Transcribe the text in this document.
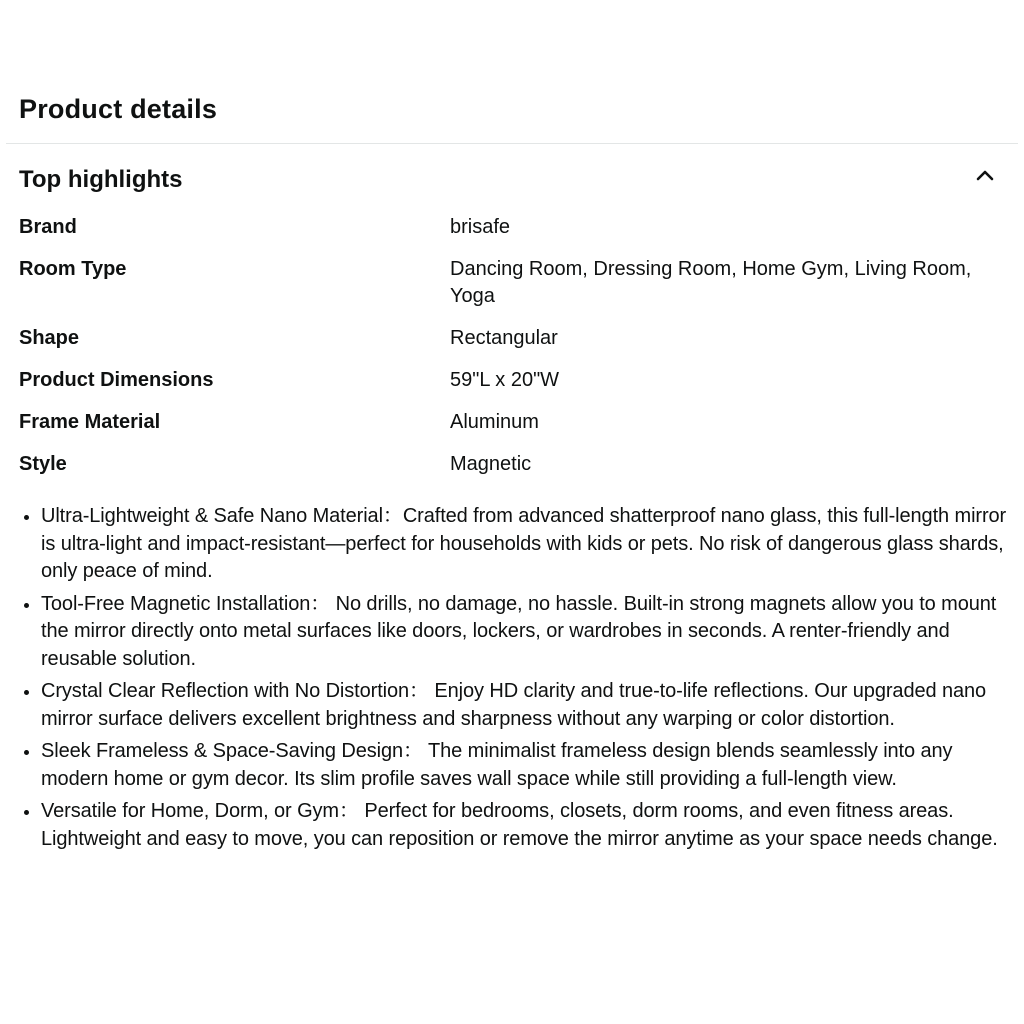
Product details
Top highlights
Brand	brisafe
Room Type	Dancing Room, Dressing Room, Home Gym, Living Room, Yoga
Shape	Rectangular
Product Dimensions	59"L x 20"W
Frame Material	Aluminum
Style	Magnetic
Ultra-Lightweight & Safe Nano Material：Crafted from advanced shatterproof nano glass, this full-length mirror is ultra-light and impact-resistant—perfect for households with kids or pets. No risk of dangerous glass shards, only peace of mind.
Tool-Free Magnetic Installation： No drills, no damage, no hassle. Built-in strong magnets allow you to mount the mirror directly onto metal surfaces like doors, lockers, or wardrobes in seconds. A renter-friendly and reusable solution.
Crystal Clear Reflection with No Distortion： Enjoy HD clarity and true-to-life reflections. Our upgraded nano mirror surface delivers excellent brightness and sharpness without any warping or color distortion.
Sleek Frameless & Space-Saving Design： The minimalist frameless design blends seamlessly into any modern home or gym decor. Its slim profile saves wall space while still providing a full-length view.
Versatile for Home, Dorm, or Gym： Perfect for bedrooms, closets, dorm rooms, and even fitness areas. Lightweight and easy to move, you can reposition or remove the mirror anytime as your space needs change.
